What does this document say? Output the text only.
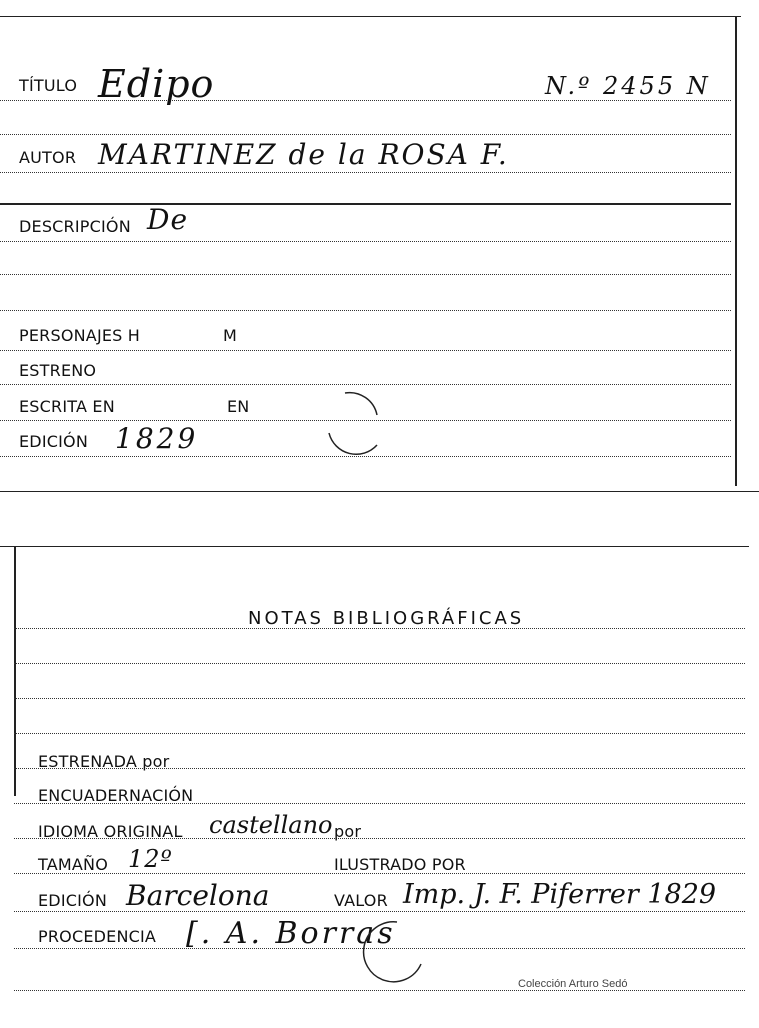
TÍTULO Edipo	N.º 2455 N
AUTOR MARTINEZ de la ROSA F.
DESCRIPCIÓN De
PERSONAJES H	M
ESTRENO
ESCRITA EN	EN
EDICIÓN 1829
NOTAS BIBLIOGRÁFICAS
ESTRENADA por
ENCUADERNACIÓN
IDIOMA ORIGINAL castellano por
TAMAÑO 12º	ILUSTRADO POR
EDICIÓN Barcelona	VALOR Imp. J. F. Piferrer 1829
PROCEDENCIA [. A. Borras
Colección Arturo Sedó
